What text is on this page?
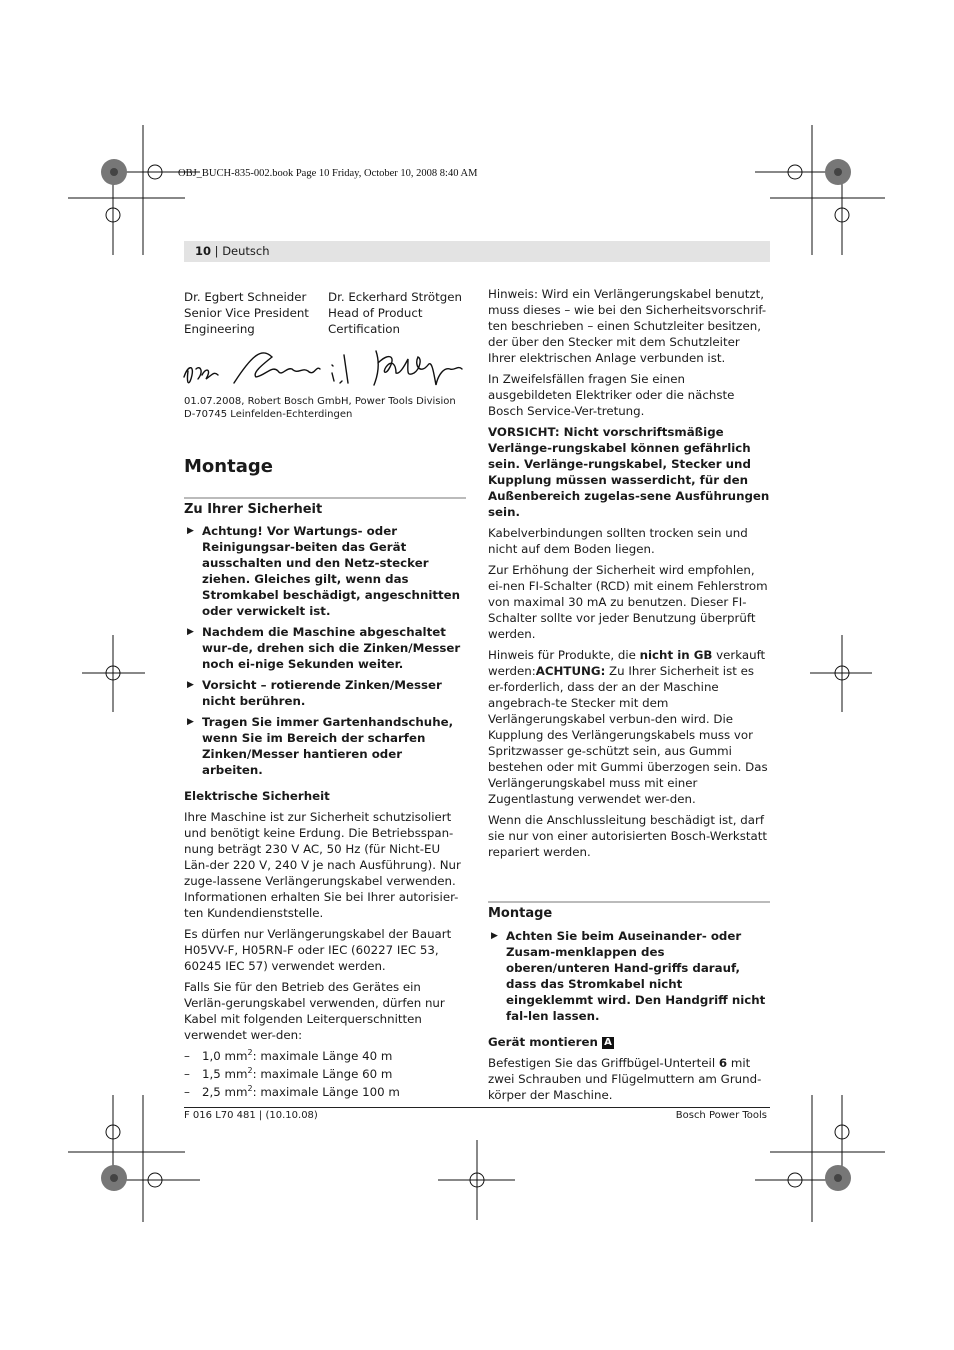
OBJ_BUCH-835-002.book Page 10 Friday, October 10, 2008 8:40 AM
10 | Deutsch
Dr. Egbert Schneider
Senior Vice President
Engineering
Dr. Eckerhard Strötgen
Head of Product
Certification
01.07.2008, Robert Bosch GmbH, Power Tools Division
D-70745 Leinfelden-Echterdingen
Montage
Zu Ihrer Sicherheit
▶ Achtung! Vor Wartungs- oder Reinigungsar-beiten das Gerät ausschalten und den Netz-stecker ziehen. Gleiches gilt, wenn das Stromkabel beschädigt, angeschnitten oder verwickelt ist.
▶ Nachdem die Maschine abgeschaltet wur-de, drehen sich die Zinken/Messer noch ei-nige Sekunden weiter.
▶ Vorsicht – rotierende Zinken/Messer nicht berühren.
▶ Tragen Sie immer Gartenhandschuhe, wenn Sie im Bereich der scharfen Zinken/Messer hantieren oder arbeiten.
Elektrische Sicherheit

Ihre Maschine ist zur Sicherheit schutzisoliert und benötigt keine Erdung. Die Betriebsspan-nung beträgt 230 V AC, 50 Hz (für Nicht-EU Län-der 220 V, 240 V je nach Ausführung). Nur zuge-lassene Verlängerungskabel verwenden. Informationen erhalten Sie bei Ihrer autorisier-ten Kundendienststelle.

Es dürfen nur Verlängerungskabel der Bauart H05VV-F, H05RN-F oder IEC (60227 IEC 53, 60245 IEC 57) verwendet werden.

Falls Sie für den Betrieb des Gerätes ein Verlän-gerungskabel verwenden, dürfen nur Kabel mit folgenden Leiterquerschnitten verwendet wer-den:

– 1,0 $mm^2$: maximale Länge 40 m
– 1,5 $mm^2$: maximale Länge 60 m
– 2,5 $mm^2$: maximale Länge 100 m

Hinweis: Wird ein Verlängerungskabel benutzt, muss dieses – wie bei den Sicherheitsvorschrif-ten beschrieben – einen Schutzleiter besitzen, der über den Stecker mit dem Schutzleiter Ihrer elektrischen Anlage verbunden ist.

In Zweifelsfällen fragen Sie einen ausgebildeten Elektriker oder die nächste Bosch Service-Ver-tretung.

VORSICHT: Nicht vorschriftsmäßige Verlänge-rungskabel können gefährlich sein. Verlänge-rungskabel, Stecker und Kupplung müssen wasserdicht, für den Außenbereich zugelas-sene Ausführungen sein.

Kabelverbindungen sollten trocken sein und nicht auf dem Boden liegen.

Zur Erhöhung der Sicherheit wird empfohlen, ei-nen FI-Schalter (RCD) mit einem Fehlerstrom von maximal 30 mA zu benutzen. Dieser FI-Schalter sollte vor jeder Benutzung überprüft werden.

Hinweis für Produkte, die nicht in GB verkauft werden:ACHTUNG: Zu Ihrer Sicherheit ist es er-forderlich, dass der an der Maschine angebrach-te Stecker mit dem Verlängerungskabel verbun-den wird. Die Kupplung des Verlängerungskabels muss vor Spritzwasser ge-schützt sein, aus Gummi bestehen oder mit Gummi überzogen sein. Das Verlängerungskabel muss mit einer Zugentlastung verwendet wer-den.

Wenn die Anschlussleitung beschädigt ist, darf sie nur von einer autorisierten Bosch-Werkstatt repariert werden.

Montage
▶ Achten Sie beim Auseinander- oder Zusam-menklappen des oberen/unteren Hand-griffs darauf, dass das Stromkabel nicht eingeklemmt wird. Den Handgriff nicht fal-len lassen.
Gerät montieren A

Befestigen Sie das Griffbügel-Unterteil 6 mit zwei Schrauben und Flügelmuttern am Grund-körper der Maschine.

F 016 L70 481 | (10.10.08)	Bosch Power Tools
